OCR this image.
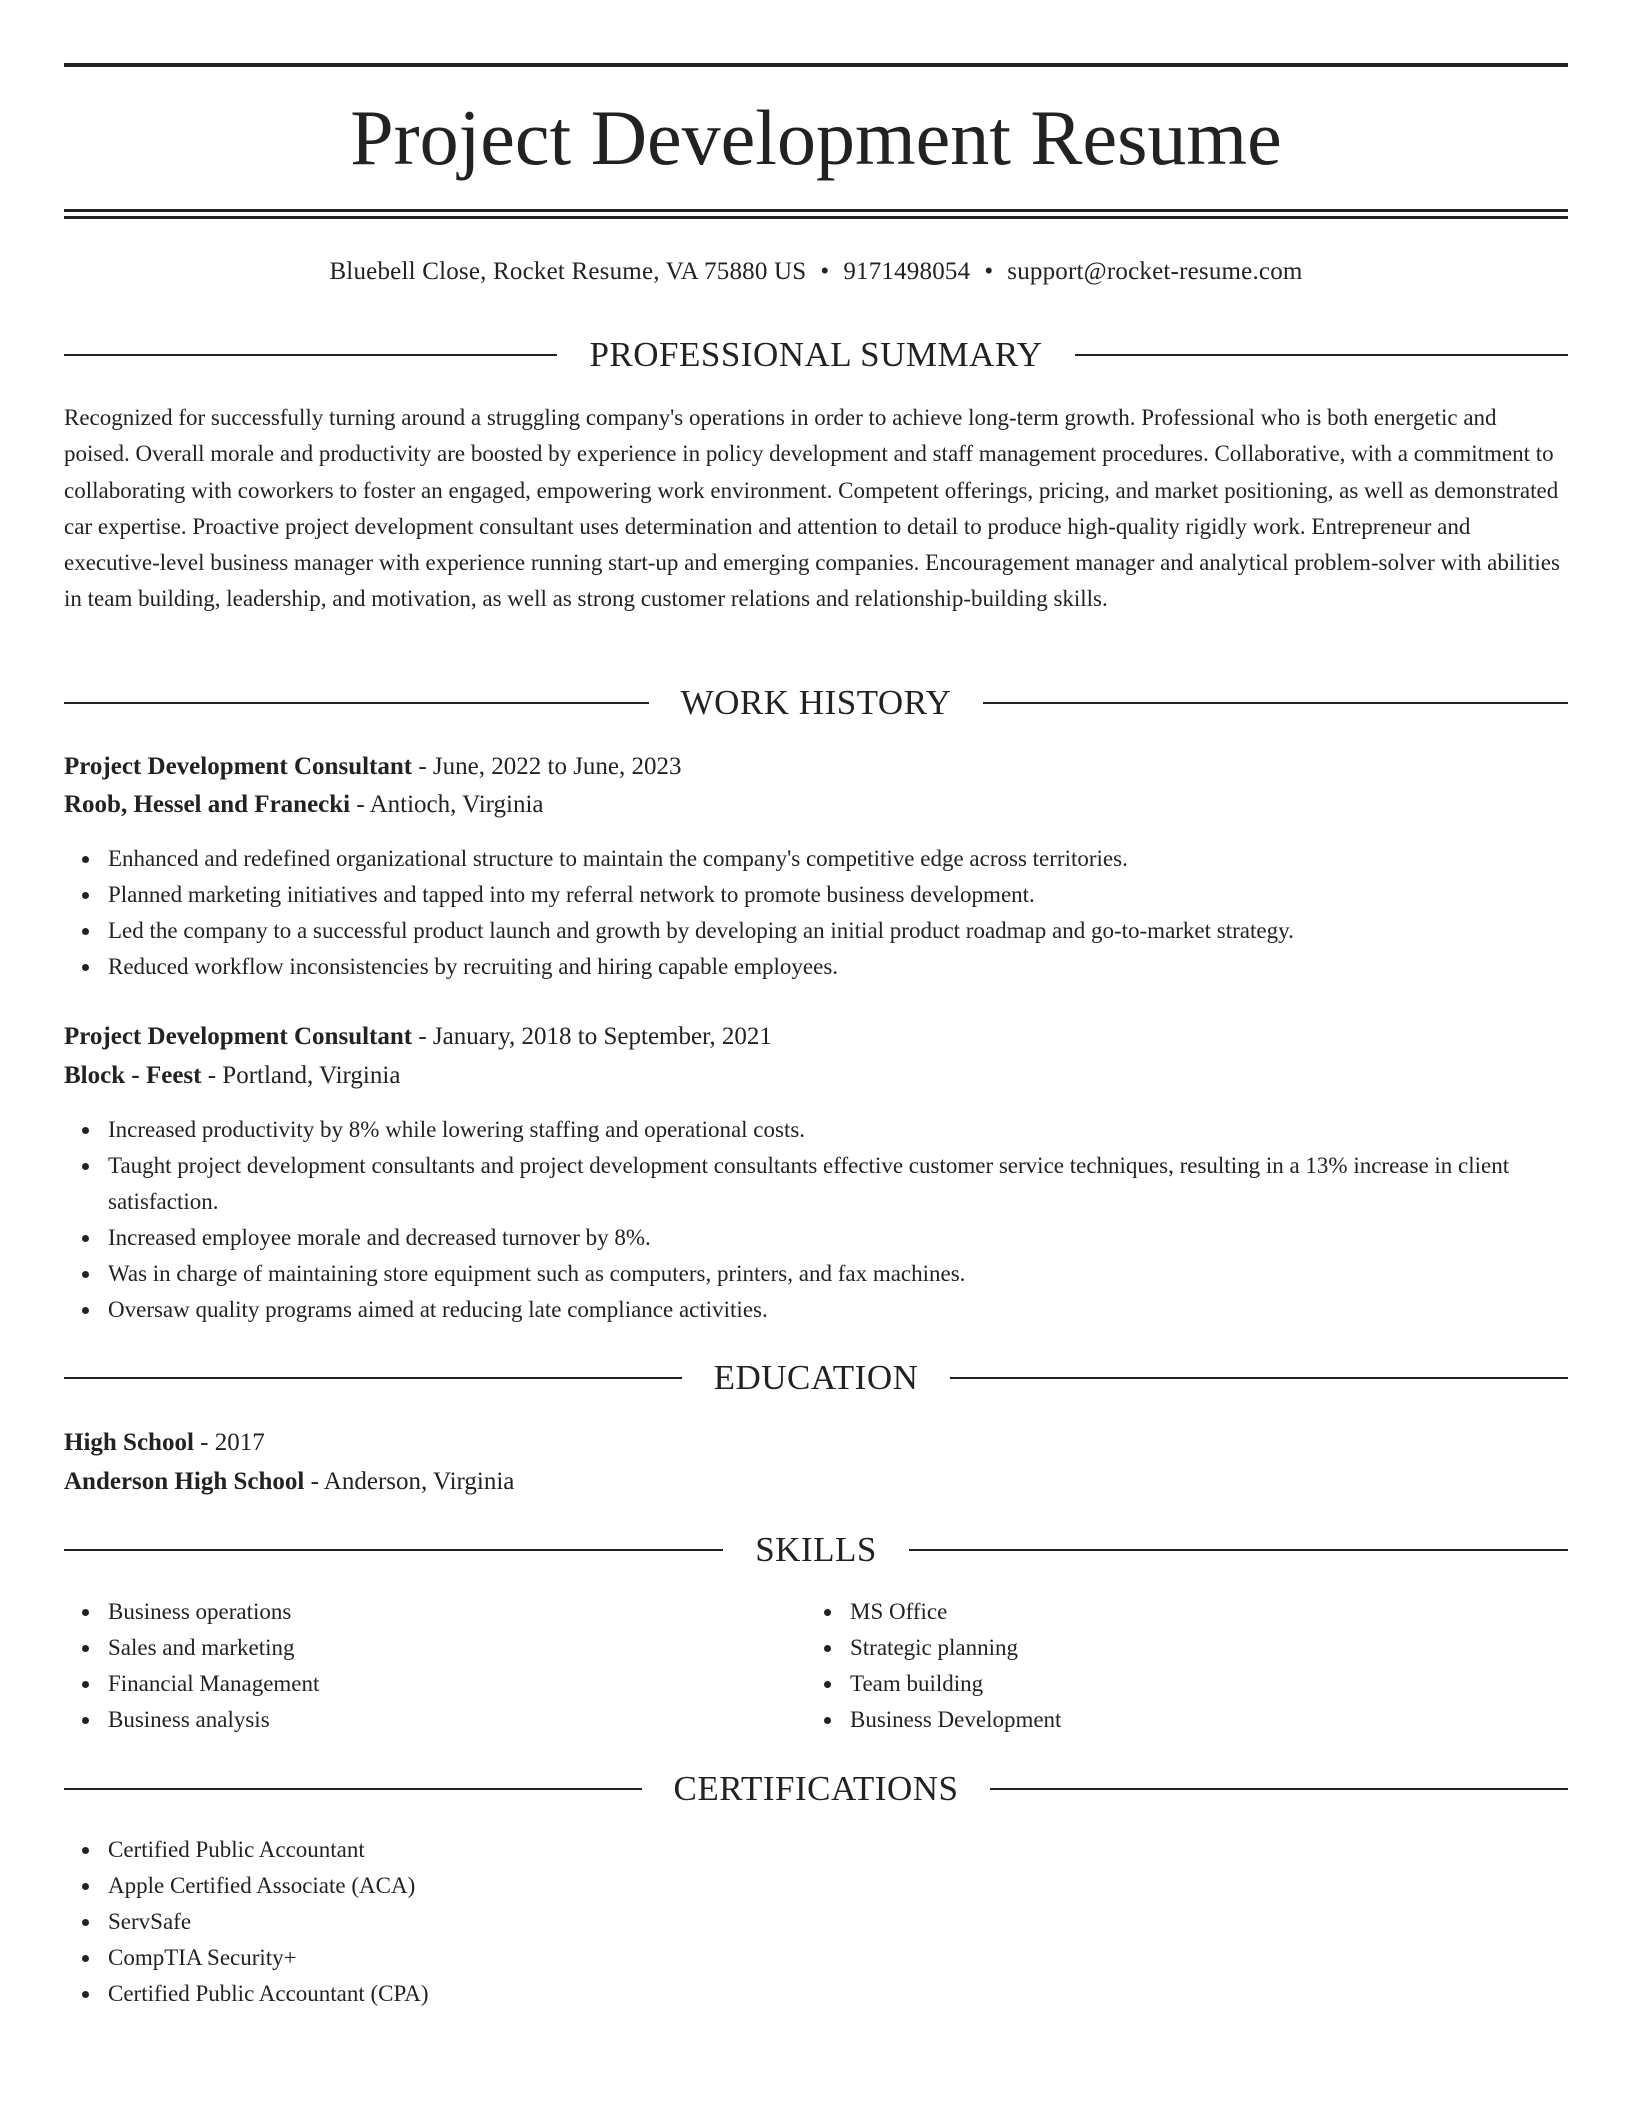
Project Development Resume
Bluebell Close, Rocket Resume, VA 75880 US • 9171498054 • support@rocket-resume.com
PROFESSIONAL SUMMARY
Recognized for successfully turning around a struggling company's operations in order to achieve long-term growth. Professional who is both energetic and poised. Overall morale and productivity are boosted by experience in policy development and staff management procedures. Collaborative, with a commitment to collaborating with coworkers to foster an engaged, empowering work environment. Competent offerings, pricing, and market positioning, as well as demonstrated car expertise. Proactive project development consultant uses determination and attention to detail to produce high-quality rigidly work. Entrepreneur and executive-level business manager with experience running start-up and emerging companies. Encouragement manager and analytical problem-solver with abilities in team building, leadership, and motivation, as well as strong customer relations and relationship-building skills.
WORK HISTORY
Project Development Consultant - June, 2022 to June, 2023
Roob, Hessel and Franecki - Antioch, Virginia
Enhanced and redefined organizational structure to maintain the company's competitive edge across territories.
Planned marketing initiatives and tapped into my referral network to promote business development.
Led the company to a successful product launch and growth by developing an initial product roadmap and go-to-market strategy.
Reduced workflow inconsistencies by recruiting and hiring capable employees.
Project Development Consultant - January, 2018 to September, 2021
Block - Feest - Portland, Virginia
Increased productivity by 8% while lowering staffing and operational costs.
Taught project development consultants and project development consultants effective customer service techniques, resulting in a 13% increase in client satisfaction.
Increased employee morale and decreased turnover by 8%.
Was in charge of maintaining store equipment such as computers, printers, and fax machines.
Oversaw quality programs aimed at reducing late compliance activities.
EDUCATION
High School - 2017
Anderson High School - Anderson, Virginia
SKILLS
Business operations
Sales and marketing
Financial Management
Business analysis
MS Office
Strategic planning
Team building
Business Development
CERTIFICATIONS
Certified Public Accountant
Apple Certified Associate (ACA)
ServSafe
CompTIA Security+
Certified Public Accountant (CPA)
